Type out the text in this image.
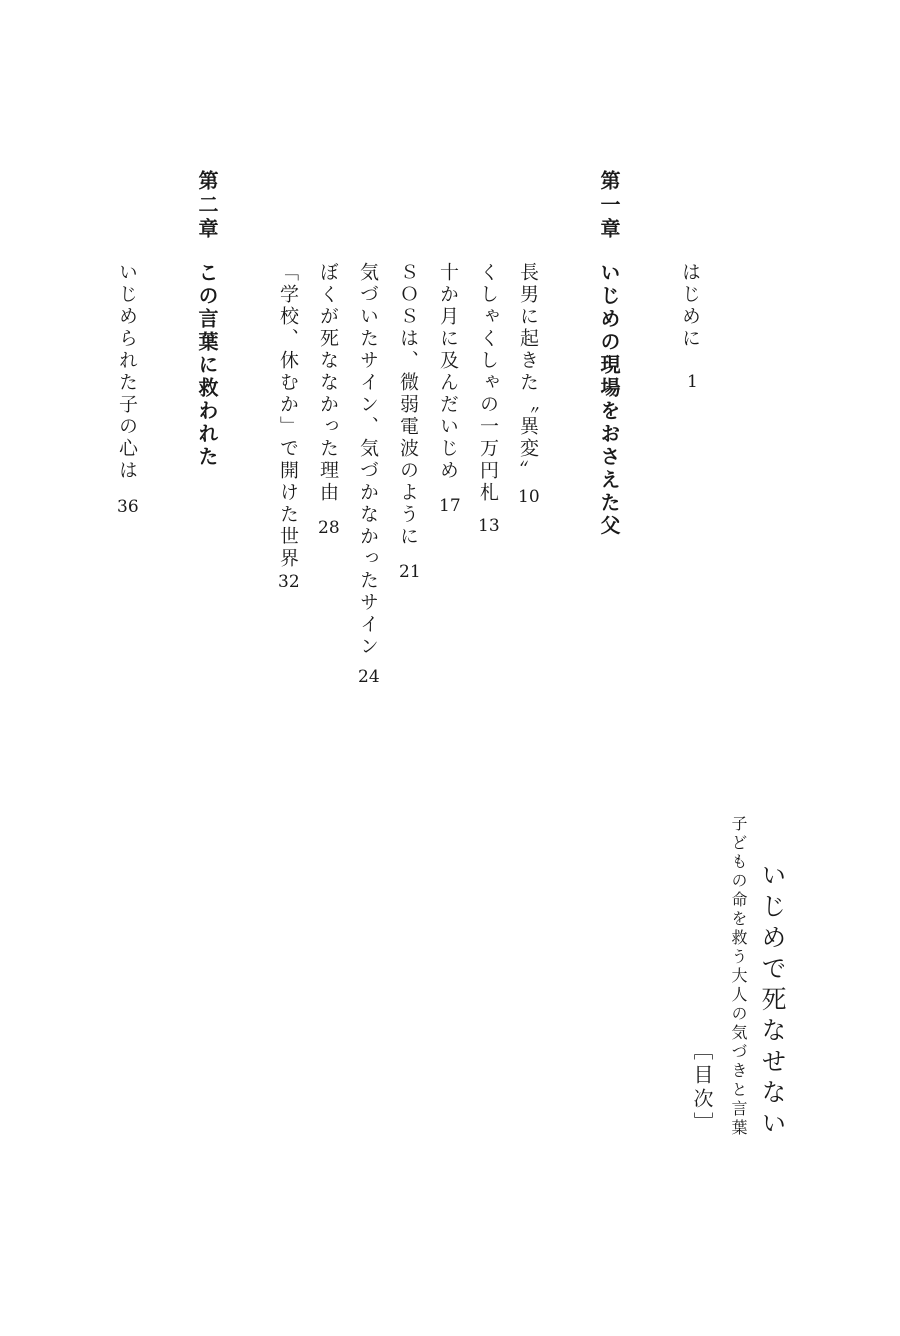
いじめで死なせない
子どもの命を救う大人の気づきと言葉
［目次］
はじめに
1
第一章
いじめの現場をおさえた父
長男に起きた〝異変〟
10
くしゃくしゃの一万円札
13
十か月に及んだいじめ
17
ＳＯＳは、微弱電波のように
21
気づいたサイン、気づかなかったサイン
24
ぼくが死ななかった理由
28
「学校、休むか」で開けた世界
32
第二章
この言葉に救われた
いじめられた子の心は
36
